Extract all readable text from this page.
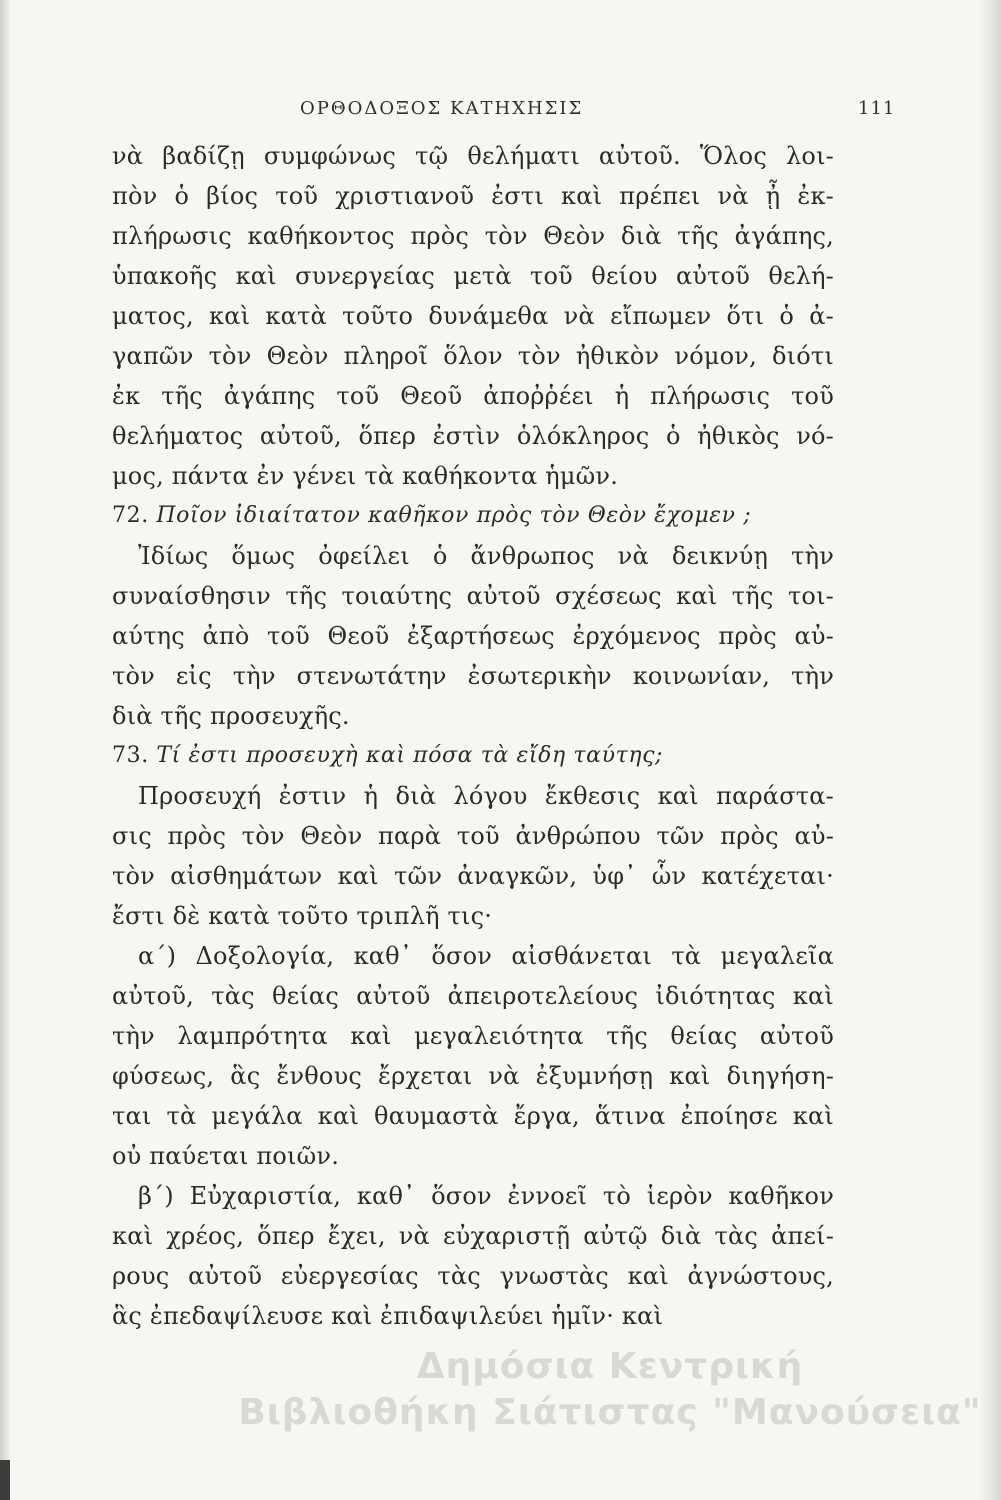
ΟΡΘΟΔΟΞΟΣ ΚΑΤΗΧΗΣΙΣ	111
νὰ βαδίζῃ συμφώνως τῷ θελήματι αὐτοῦ. Ὅλος λοι-
πὸν ὁ βίος τοῦ χριστιανοῦ ἐστι καὶ πρέπει νὰ ᾖ ἐκ-
πλήρωσις καθήκοντος πρὸς τὸν Θεὸν διὰ τῆς ἀγάπης,
ὑπακοῆς καὶ συνεργείας μετὰ τοῦ θείου αὐτοῦ θελή-
ματος, καὶ κατὰ τοῦτο δυνάμεθα νὰ εἴπωμεν ὅτι ὁ ἀ-
γαπῶν τὸν Θεὸν πληροῖ ὅλον τὸν ἠθικὸν νόμον, διότι
ἐκ τῆς ἀγάπης τοῦ Θεοῦ ἀποῤῥέει ἡ πλήρωσις τοῦ
θελήματος αὐτοῦ, ὅπερ ἐστὶν ὁλόκληρος ὁ ἠθικὸς νό-
μος, πάντα ἐν γένει τὰ καθήκοντα ἡμῶν.
72. Ποῖον ἰδιαίτατον καθῆκον πρὸς τὸν Θεὸν ἔχομεν ;
Ἰδίως ὅμως ὀφείλει ὁ ἄνθρωπος νὰ δεικνύῃ τὴν
συναίσθησιν τῆς τοιαύτης αὐτοῦ σχέσεως καὶ τῆς τοι-
αύτης ἀπὸ τοῦ Θεοῦ ἐξαρτήσεως ἐρχόμενος πρὸς αὐ-
τὸν εἰς τὴν στενωτάτην ἐσωτερικὴν κοινωνίαν, τὴν
διὰ τῆς προσευχῆς.
73. Τί ἐστι προσευχὴ καὶ πόσα τὰ εἴδη ταύτης;
Προσευχή ἐστιν ἡ διὰ λόγου ἔκθεσις καὶ παράστα-
σις πρὸς τὸν Θεὸν παρὰ τοῦ ἀνθρώπου τῶν πρὸς αὐ-
τὸν αἰσθημάτων καὶ τῶν ἀναγκῶν, ὑφ᾿ ὧν κατέχεται·
ἔστι δὲ κατὰ τοῦτο τριπλῆ τις·
α΄) Δοξολογία, καθ᾿ ὅσον αἰσθάνεται τὰ μεγαλεῖα
αὐτοῦ, τὰς θείας αὐτοῦ ἀπειροτελείους ἰδιότητας καὶ
τὴν λαμπρότητα καὶ μεγαλειότητα τῆς θείας αὐτοῦ
φύσεως, ἃς ἔνθους ἔρχεται νὰ ἐξυμνήσῃ καὶ διηγήση-
ται τὰ μεγάλα καὶ θαυμαστὰ ἔργα, ἅτινα ἐποίησε καὶ
οὐ παύεται ποιῶν.
β΄) Εὐχαριστία, καθ᾿ ὅσον ἐννοεῖ τὸ ἱερὸν καθῆκον
καὶ χρέος, ὅπερ ἔχει, νὰ εὐχαριστῇ αὐτῷ διὰ τὰς ἀπεί-
ρους αὐτοῦ εὐεργεσίας τὰς γνωστὰς καὶ ἀγνώστους,
ἃς ἐπεδαψίλευσε καὶ ἐπιδαψιλεύει ἡμῖν· καὶ
Δημόσια Κεντρική
Βιβλιοθήκη Σιάτιστας "Μανούσεια"
